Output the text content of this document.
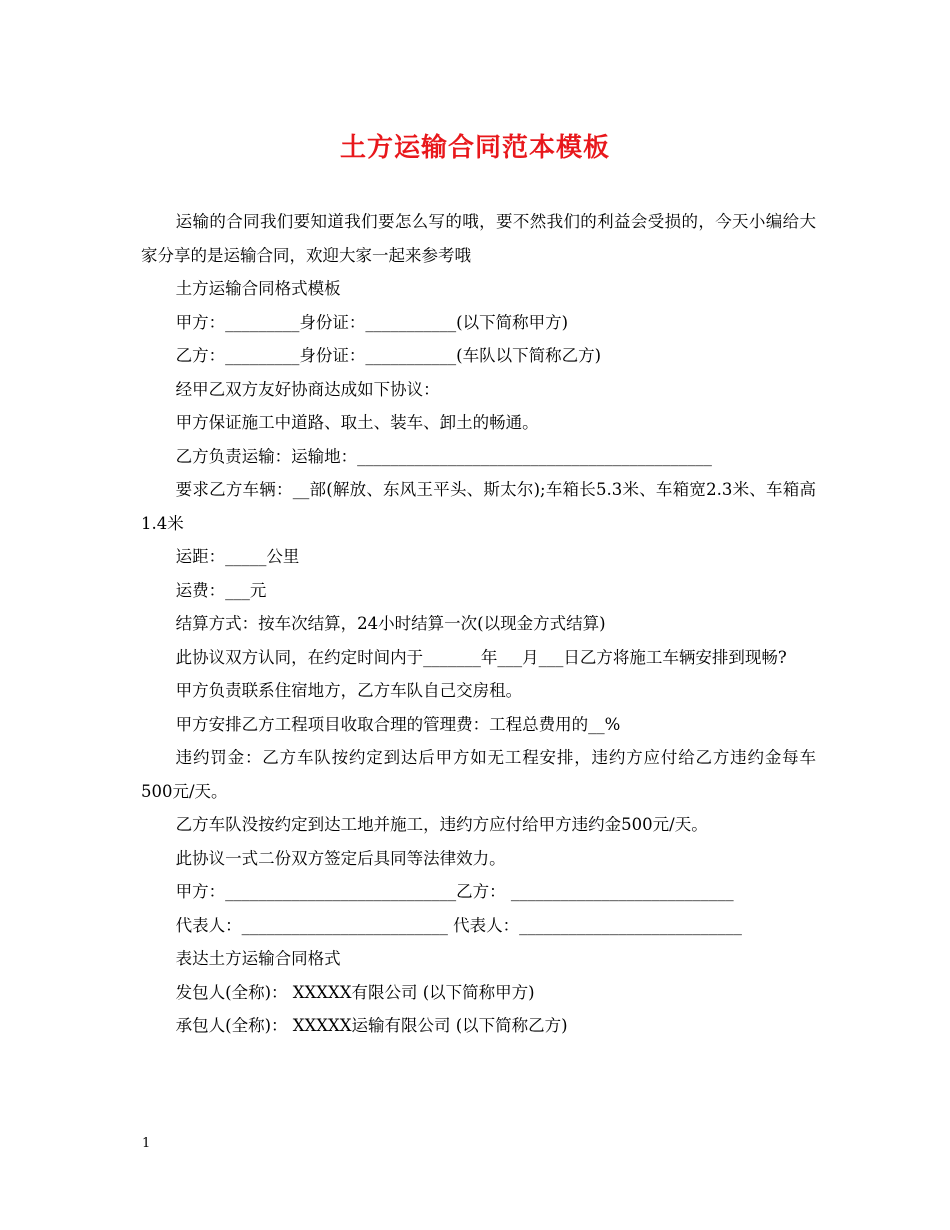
土方运输合同范本模板

运输的合同我们要知道我们要怎么写的哦，要不然我们的利益会受损的，今天小编给大家分享的是运输合同，欢迎大家一起来参考哦

土方运输合同格式模板

甲方：_________身份证：___________(以下简称甲方)

乙方：_________身份证：___________(车队以下简称乙方)

经甲乙双方友好协商达成如下协议：

甲方保证施工中道路、取土、装车、卸土的畅通。

乙方负责运输：运输地：___________________________________________

要求乙方车辆：__部(解放、东风王平头、斯太尔);车箱长5.3米、车箱宽2.3米、车箱高1.4米

运距：_____公里

运费：___元

结算方式：按车次结算，24小时结算一次(以现金方式结算)

此协议双方认同，在约定时间内于_______年___月___日乙方将施工车辆安排到现畅?

甲方负责联系住宿地方，乙方车队自己交房租。

甲方安排乙方工程项目收取合理的管理费：工程总费用的__%

违约罚金：乙方车队按约定到达后甲方如无工程安排，违约方应付给乙方违约金每车500元/天。

乙方车队没按约定到达工地并施工，违约方应付给甲方违约金500元/天。

此协议一式二份双方签定后具同等法律效力。

甲方：____________________________乙方： ___________________________

代表人：_________________________ 代表人：___________________________

表达土方运输合同格式

发包人(全称)： XXXXX有限公司 (以下简称甲方)

承包人(全称)： XXXXX运输有限公司 (以下简称乙方)

1
